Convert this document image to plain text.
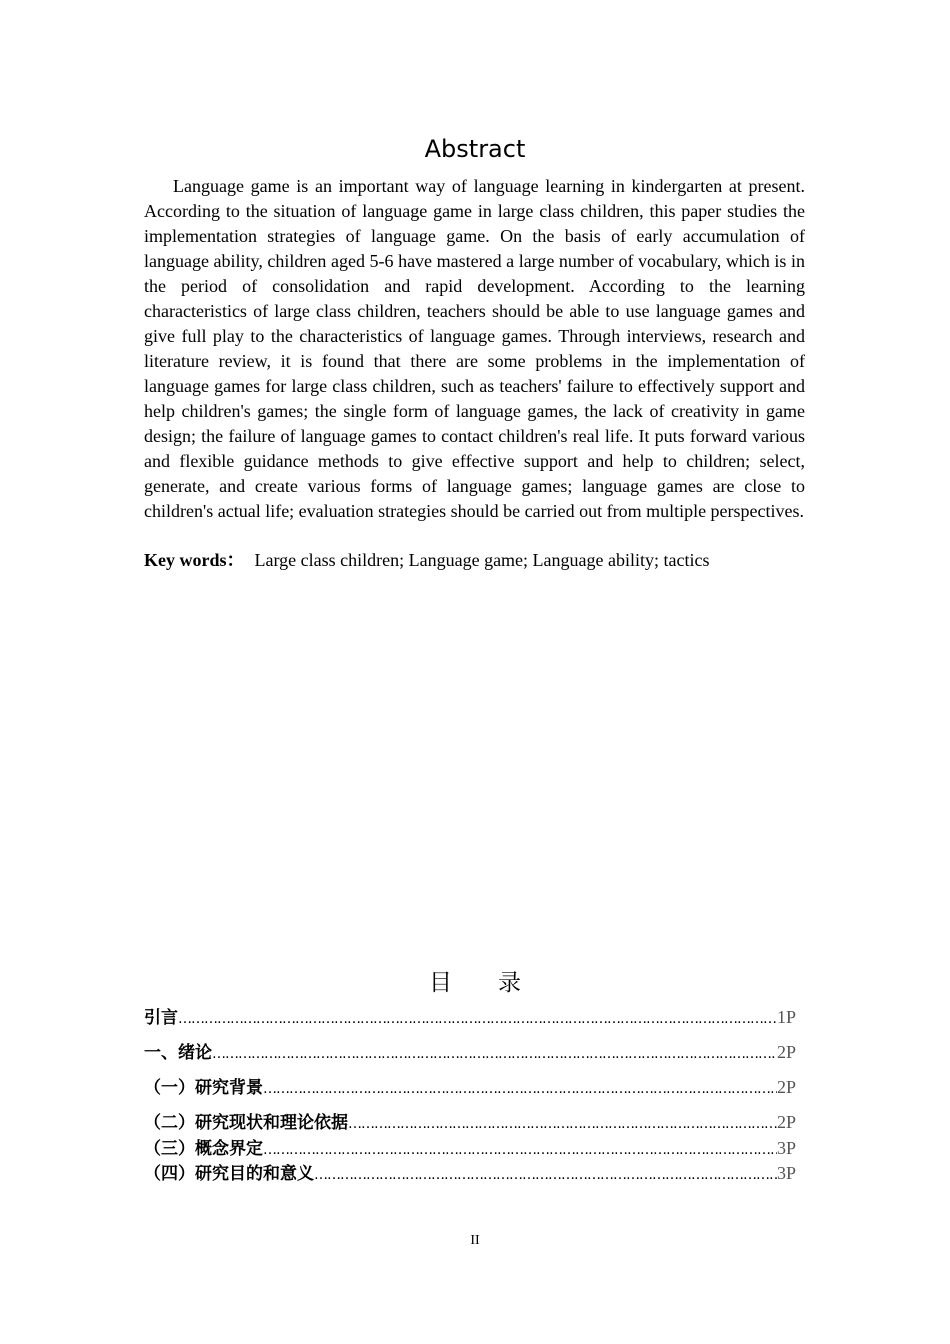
Abstract

Language game is an important way of language learning in kindergarten at present. According to the situation of language game in large class children, this paper studies the implementation strategies of language game. On the basis of early accumulation of language ability, children aged 5-6 have mastered a large number of vocabulary, which is in the period of consolidation and rapid development. According to the learning characteristics of large class children, teachers should be able to use language games and give full play to the characteristics of language games. Through interviews, research and literature review, it is found that there are some problems in the implementation of language games for large class children, such as teachers' failure to effectively support and help children's games; the single form of language games, the lack of creativity in game design; the failure of language games to contact children's real life. It puts forward various and flexible guidance methods to give effective support and help to children; select, generate, and create various forms of language games; language games are close to children's actual life; evaluation strategies should be carried out from multiple perspectives.

Key words： Large class children; Language game; Language ability; tactics

目录
引言 ……………………………………………………………………………………………………………………………………………………………	1P
一、绪论 ……………………………………………………………………………………………………………………………………………………………	2P
（一）研究背景 ……………………………………………………………………………………………………………………………………………………………	2P
（二）研究现状和理论依据 ……………………………………………………………………………………………………………………………………………………………	2P
（三）概念界定 ……………………………………………………………………………………………………………………………………………………………	3P
（四）研究目的和意义 ……………………………………………………………………………………………………………………………………………………………	3P

II
